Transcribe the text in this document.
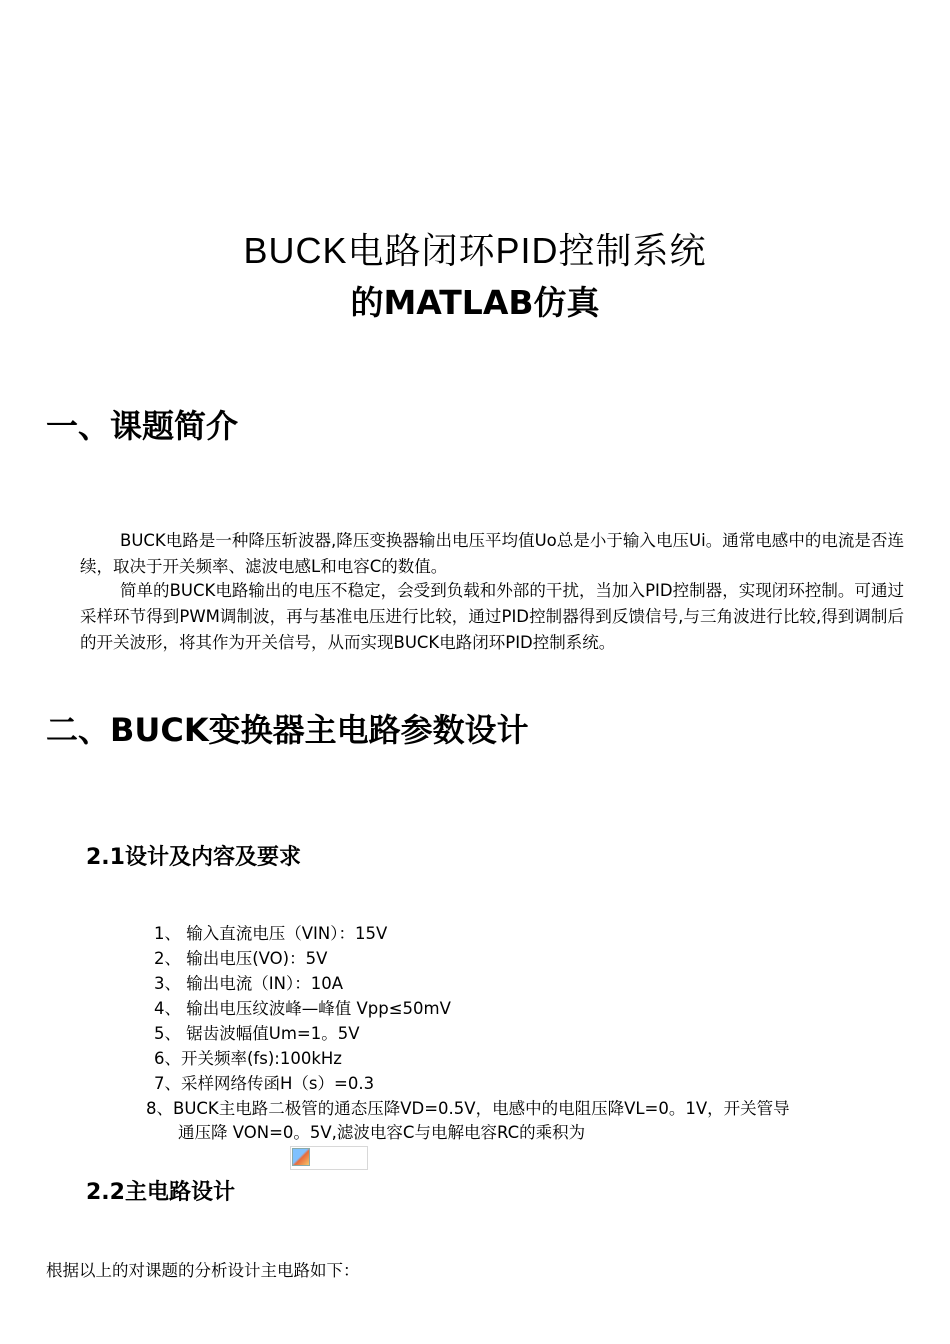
BUCK电路闭环PID控制系统
的MATLAB仿真
一、课题简介

BUCK电路是一种降压斩波器,降压变换器输出电压平均值Uo总是小于输入电压Ui。通常电感中的电流是否连续，取决于开关频率、滤波电感L和电容C的数值。

简单的BUCK电路输出的电压不稳定，会受到负载和外部的干扰，当加入PID控制器，实现闭环控制。可通过采样环节得到PWM调制波，再与基准电压进行比较，通过PID控制器得到反馈信号,与三角波进行比较,得到调制后的开关波形，将其作为开关信号，从而实现BUCK电路闭环PID控制系统。

二、BUCK变换器主电路参数设计
2.1设计及内容及要求
1、 输入直流电压（VIN）：15V
2、 输出电压(VO)：5V
3、 输出电流（IN）：10A
4、 输出电压纹波峰—峰值 Vpp≤50mV
5、 锯齿波幅值Um=1。5V
6、开关频率(fs):100kHz
7、采样网络传函H（s）=0.3
8、BUCK主电路二极管的通态压降VD=0.5V，电感中的电阻压降VL=0。1V，开关管导
通压降 VON=0。5V,滤波电容C与电解电容RC的乘积为
2.2主电路设计
根据以上的对课题的分析设计主电路如下：
